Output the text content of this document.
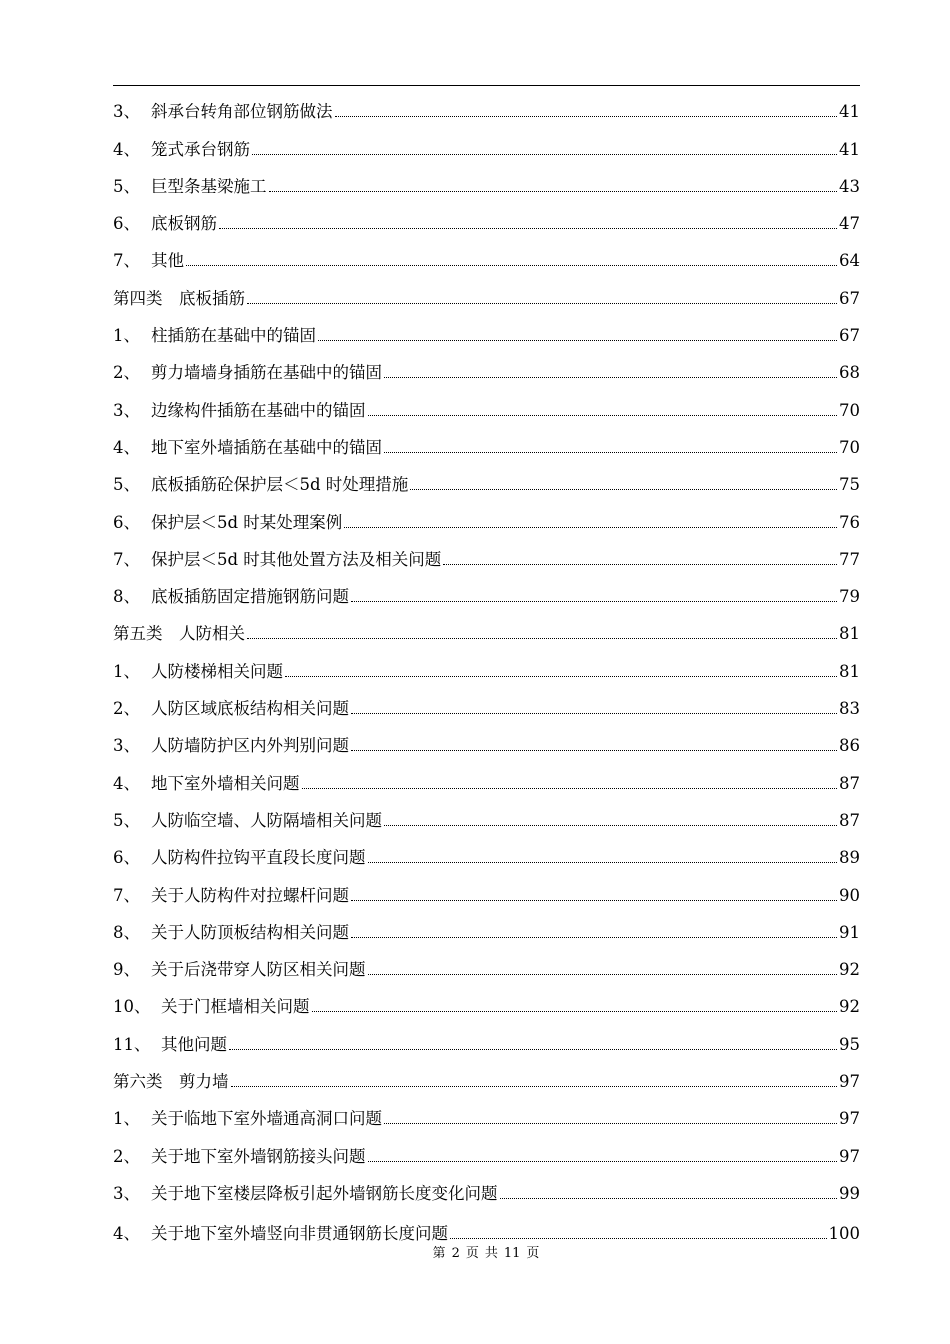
3、 斜承台转角部位钢筋做法	41
4、 笼式承台钢筋	41
5、 巨型条基梁施工	43
6、 底板钢筋	47
7、 其他	64
第四类　底板插筋	67
1、 柱插筋在基础中的锚固	67
2、 剪力墙墙身插筋在基础中的锚固	68
3、 边缘构件插筋在基础中的锚固	70
4、 地下室外墙插筋在基础中的锚固	70
5、 底板插筋砼保护层＜5d 时处理措施	75
6、 保护层＜5d 时某处理案例	76
7、 保护层＜5d 时其他处置方法及相关问题	77
8、 底板插筋固定措施钢筋问题	79
第五类　人防相关	81
1、 人防楼梯相关问题	81
2、 人防区域底板结构相关问题	83
3、 人防墙防护区内外判别问题	86
4、 地下室外墙相关问题	87
5、 人防临空墙、人防隔墙相关问题	87
6、 人防构件拉钩平直段长度问题	89
7、 关于人防构件对拉螺杆问题	90
8、 关于人防顶板结构相关问题	91
9、 关于后浇带穿人防区相关问题	92
10、 关于门框墙相关问题	92
11、 其他问题	95
第六类　剪力墙	97
1、 关于临地下室外墙通高洞口问题	97
2、 关于地下室外墙钢筋接头问题	97
3、 关于地下室楼层降板引起外墙钢筋长度变化问题	99
4、 关于地下室外墙竖向非贯通钢筋长度问题	100
第 2 页 共 11 页
